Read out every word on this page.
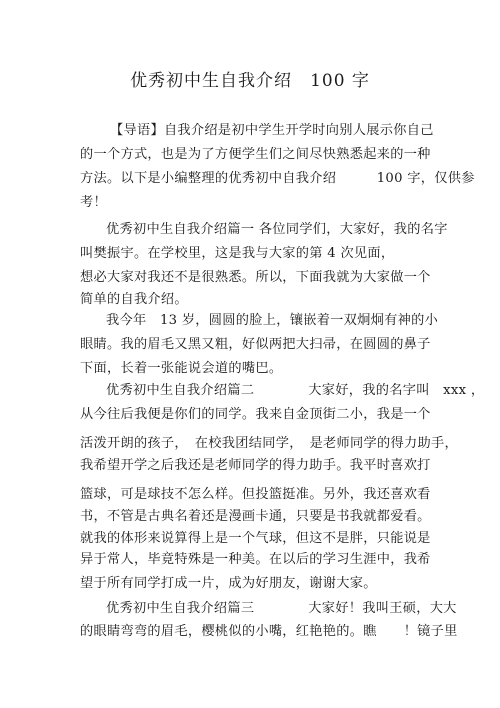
优秀初中生自我介绍 100 字
【导语】自我介绍是初中学生开学时向别人展示你自己
的一个方式，也是为了方便学生们之间尽快熟悉起来的一种
方法。以下是小编整理的优秀初中自我介绍　　　100 字，仅供参
考！
优秀初中生自我介绍篇一 各位同学们，大家好，我的名字
叫樊振宇。在学校里，这是我与大家的第 4 次见面，
想必大家对我还不是很熟悉。所以，下面我就为大家做一个
简单的自我介绍。
我今年　13 岁，圆圆的脸上，镶嵌着一双炯炯有神的小
眼睛。我的眉毛又黑又粗，好似两把大扫帚，在圆圆的鼻子
下面，长着一张能说会道的嘴巴。
优秀初中生自我介绍篇二　　　　大家好，我的名字叫　xxx ，
从今往后我便是你们的同学。我来自金顶街二小，我是一个
活泼开朗的孩子，　在校我团结同学，　是老师同学的得力助手，
我希望开学之后我还是老师同学的得力助手。我平时喜欢打
篮球，可是球技不怎么样。但投篮挺准。另外，我还喜欢看
书，不管是古典名着还是漫画卡通，只要是书我就都爱看。
就我的体形来说算得上是一个气球，但这不是胖，只能说是
异于常人，毕竟特殊是一种美。在以后的学习生涯中，我希
望于所有同学打成一片，成为好朋友，谢谢大家。
优秀初中生自我介绍篇三　　　　大家好！我叫王硕，大大
的眼睛弯弯的眉毛，樱桃似的小嘴，红艳艳的。瞧　　！镜子里
